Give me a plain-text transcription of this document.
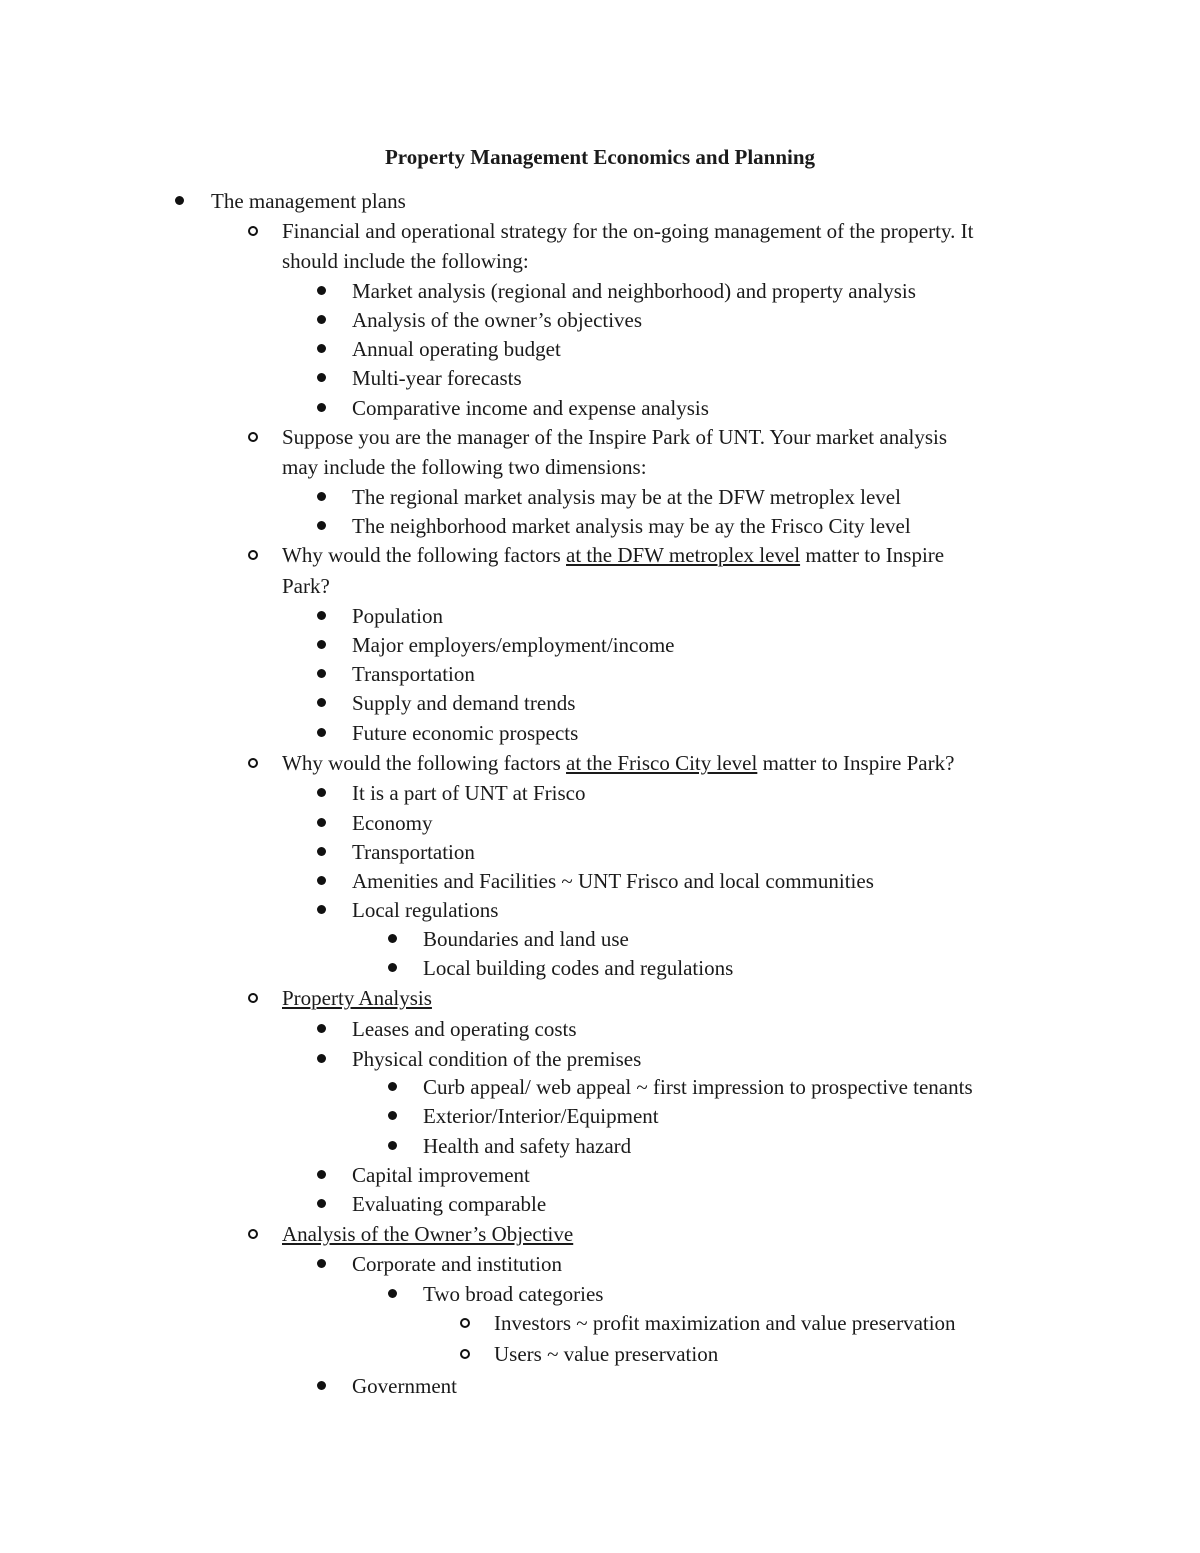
Property Management Economics and Planning
The management plans
Financial and operational strategy for the on-going management of the property. It
should include the following:
Market analysis (regional and neighborhood) and property analysis
Analysis of the owner’s objectives
Annual operating budget
Multi-year forecasts
Comparative income and expense analysis
Suppose you are the manager of the Inspire Park of UNT. Your market analysis
may include the following two dimensions:
The regional market analysis may be at the DFW metroplex level
The neighborhood market analysis may be ay the Frisco City level
Why would the following factors at the DFW metroplex level matter to Inspire
Park?
Population
Major employers/employment/income
Transportation
Supply and demand trends
Future economic prospects
Why would the following factors at the Frisco City level matter to Inspire Park?
It is a part of UNT at Frisco
Economy
Transportation
Amenities and Facilities ~ UNT Frisco and local communities
Local regulations
Boundaries and land use
Local building codes and regulations
Property Analysis
Leases and operating costs
Physical condition of the premises
Curb appeal/ web appeal ~ first impression to prospective tenants
Exterior/Interior/Equipment
Health and safety hazard
Capital improvement
Evaluating comparable
Analysis of the Owner’s Objective
Corporate and institution
Two broad categories
Investors ~ profit maximization and value preservation
Users ~ value preservation
Government
